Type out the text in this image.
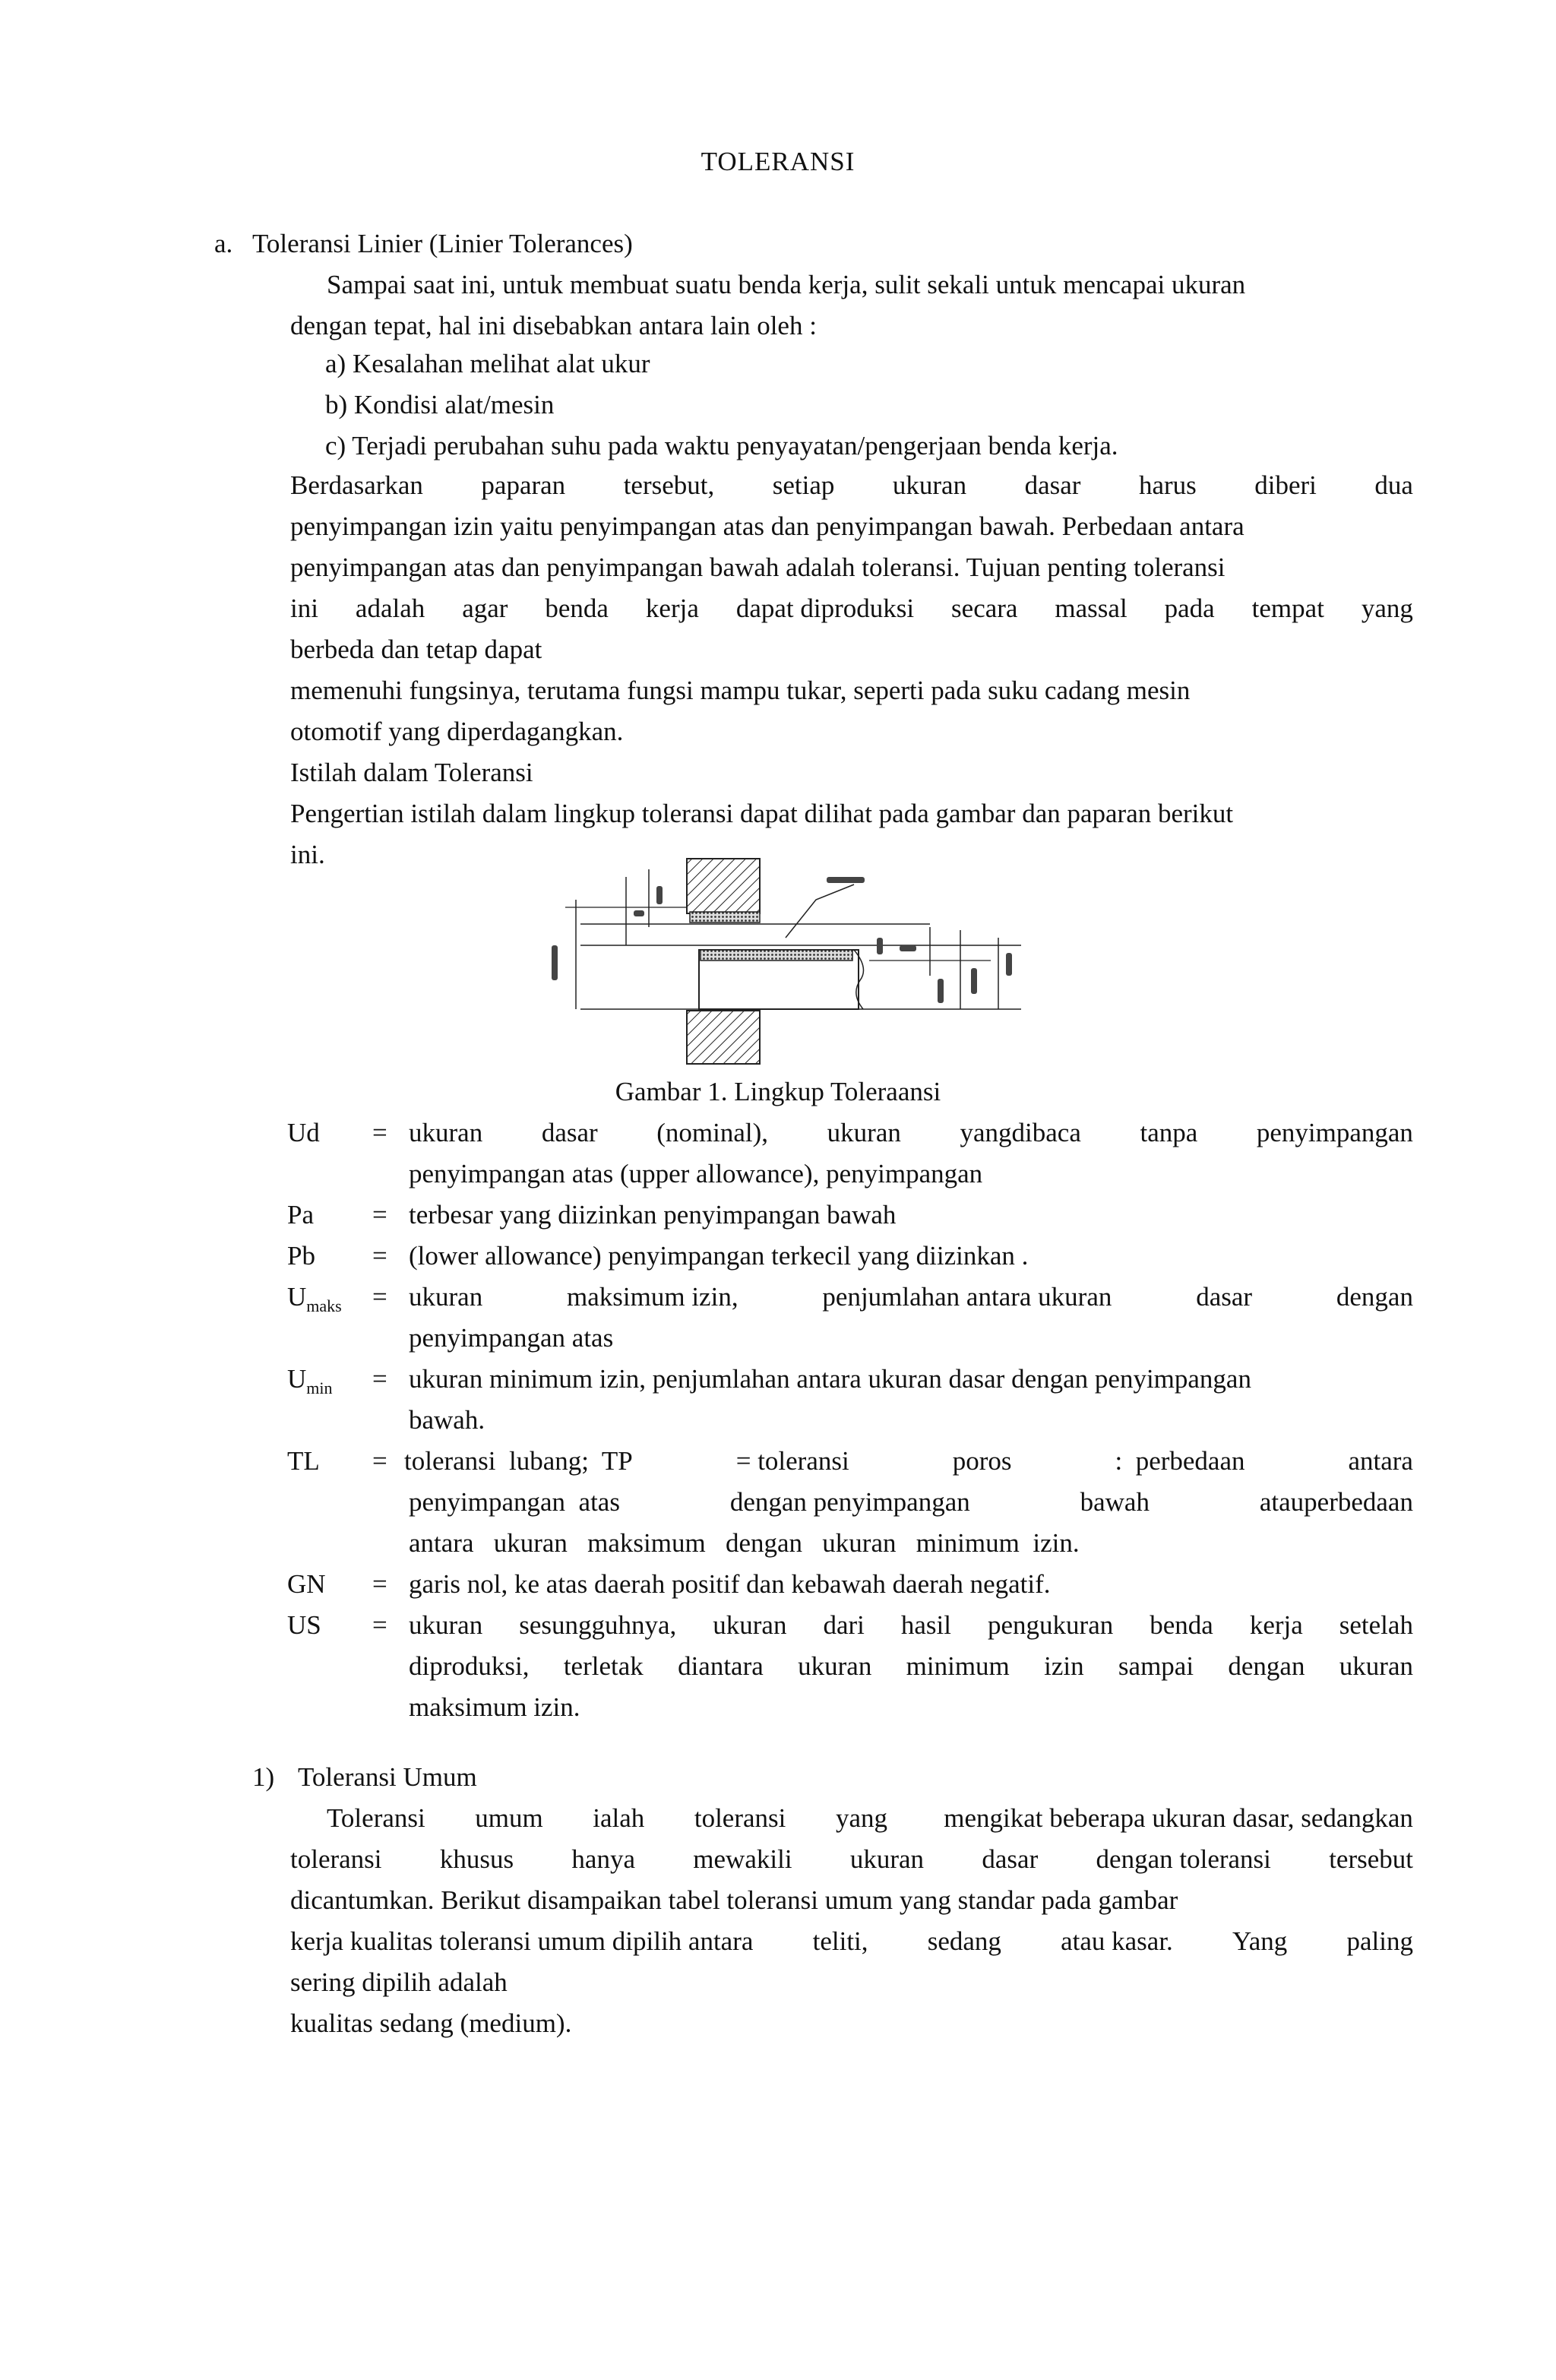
TOLERANSI
a. Toleransi Linier (Linier Tolerances)
Sampai saat ini, untuk membuat suatu benda kerja, sulit sekali untuk mencapai ukuran
dengan tepat, hal ini disebabkan antara lain oleh :
a) Kesalahan melihat alat ukur
b) Kondisi alat/mesin
c) Terjadi perubahan suhu pada waktu penyayatan/pengerjaan benda kerja.
Berdasarkan paparan tersebut, setiap ukuran dasar harus diberi dua
penyimpangan izin yaitu penyimpangan atas dan penyimpangan bawah. Perbedaan antara
penyimpangan atas dan penyimpangan bawah adalah toleransi. Tujuan penting toleransi
ini adalah agar benda kerja dapat diproduksi secara massal pada tempat yang
berbeda dan tetap dapat
memenuhi fungsinya, terutama fungsi mampu tukar, seperti pada suku cadang mesin
otomotif yang diperdagangkan.
Istilah dalam Toleransi
Pengertian istilah dalam lingkup toleransi dapat dilihat pada gambar dan paparan berikut
ini.
Gambar 1. Lingkup Toleraansi
Ud	= ukuran dasar (nominal), ukuran yangdibaca tanpa penyimpangan
penyimpangan atas (upper allowance), penyimpangan
Pa	= terbesar yang diizinkan penyimpangan bawah
Pb	= (lower allowance) penyimpangan terkecil yang diizinkan .
$U_{maks}$	= ukuran	maksimum izin,	penjumlahan antara ukuran	dasar	dengan
penyimpangan atas
$U_{min}$	= ukuran minimum izin, penjumlahan antara ukuran dasar dengan penyimpangan
bawah.
TL	= toleransi  lubang;  TP	= toleransi	poros	:  perbedaan	antara
penyimpangan  atas	dengan penyimpangan	bawah	atauperbedaan
antara   ukuran   maksimum   dengan   ukuran   minimum  izin.
GN	= garis nol, ke atas daerah positif dan kebawah daerah negatif.
US	= ukuran sesungguhnya, ukuran dari hasil pengukuran benda kerja setelah
diproduksi, terletak diantara ukuran minimum izin sampai dengan ukuran
maksimum izin.
1) Toleransi Umum
Toleransi umum ialah toleransi yang mengikat beberapa ukuran dasar, sedangkan
toleransi khusus hanya mewakili ukuran dasar dengan toleransi tersebut
dicantumkan. Berikut disampaikan tabel toleransi umum yang standar pada gambar
kerja kualitas toleransi umum dipilih antara teliti, sedang atau kasar. Yang paling
sering dipilih adalah
kualitas sedang (medium).
